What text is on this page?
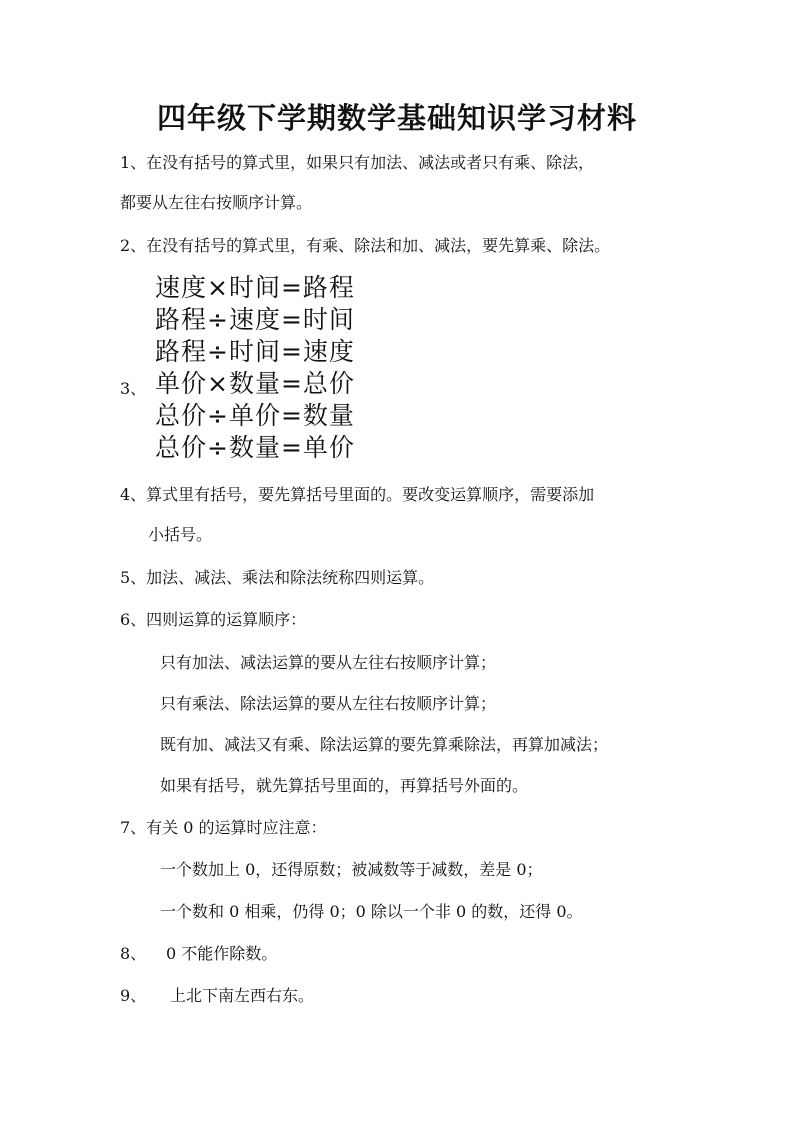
四年级下学期数学基础知识学习材料
1、在没有括号的算式里，如果只有加法、减法或者只有乘、除法，
都要从左往右按顺序计算。
2、在没有括号的算式里，有乘、除法和加、减法，要先算乘、除法。
3、
速度×时间=路程
路程÷速度=时间
路程÷时间=速度
单价×数量=总价
总价÷单价=数量
总价÷数量=单价
4、算式里有括号，要先算括号里面的。要改变运算顺序，需要添加
小括号。
5、加法、减法、乘法和除法统称四则运算。
6、四则运算的运算顺序：
只有加法、减法运算的要从左往右按顺序计算；
只有乘法、除法运算的要从左往右按顺序计算；
既有加、减法又有乘、除法运算的要先算乘除法，再算加减法；
如果有括号，就先算括号里面的，再算括号外面的。
7、有关 0 的运算时应注意：
一个数加上 0，还得原数；被减数等于减数，差是 0；
一个数和 0 相乘，仍得 0；0 除以一个非 0 的数，还得 0。
8、 0 不能作除数。
9、 上北下南左西右东。
